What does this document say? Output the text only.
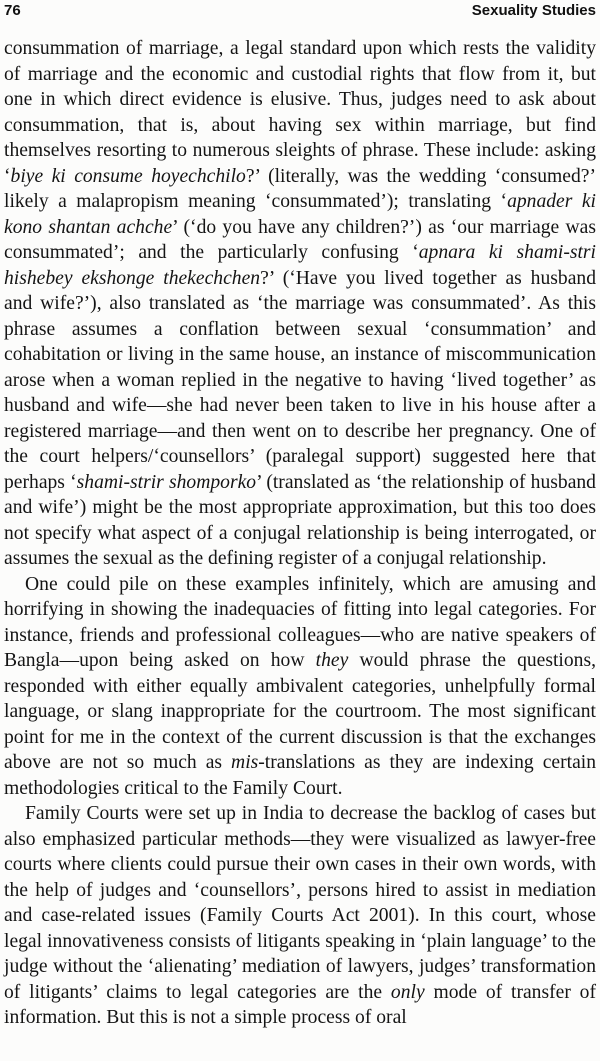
76	Sexuality Studies

consummation of marriage, a legal standard upon which rests the validity of marriage and the economic and custodial rights that flow from it, but one in which direct evidence is elusive. Thus, judges need to ask about consummation, that is, about having sex within marriage, but find themselves resorting to numerous sleights of phrase. These include: asking ‘biye ki consume hoyechchilo?’ (literally, was the wedding ‘consumed?’ likely a malapropism meaning ‘consummated’); translating ‘apnader ki kono shantan achche’ (‘do you have any children?’) as ‘our marriage was consummated’; and the particularly confusing ‘apnara ki shami-stri hishebey ekshonge thekechchen?’ (‘Have you lived together as husband and wife?’), also translated as ‘the marriage was consummated’. As this phrase assumes a conflation between sexual ‘consummation’ and cohabitation or living in the same house, an instance of miscommunication arose when a woman replied in the negative to having ‘lived together’ as husband and wife—she had never been taken to live in his house after a registered marriage—and then went on to describe her pregnancy. One of the court helpers/‘counsellors’ (paralegal support) suggested here that perhaps ‘shami-strir shomporko’ (translated as ‘the relationship of husband and wife’) might be the most appropriate approximation, but this too does not specify what aspect of a conjugal relationship is being interrogated, or assumes the sexual as the defining register of a conjugal relationship.

One could pile on these examples infinitely, which are amusing and horrifying in showing the inadequacies of fitting into legal categories. For instance, friends and professional colleagues—who are native speakers of Bangla—upon being asked on how they would phrase the questions, responded with either equally ambivalent categories, unhelpfully formal language, or slang inappropriate for the courtroom. The most significant point for me in the context of the current discussion is that the exchanges above are not so much as mis-translations as they are indexing certain methodologies critical to the Family Court.

Family Courts were set up in India to decrease the backlog of cases but also emphasized particular methods—they were visualized as lawyer-free courts where clients could pursue their own cases in their own words, with the help of judges and ‘counsellors’, persons hired to assist in mediation and case-related issues (Family Courts Act 2001). In this court, whose legal innovativeness consists of litigants speaking in ‘plain language’ to the judge without the ‘alienating’ mediation of lawyers, judges’ transformation of litigants’ claims to legal categories are the only mode of transfer of information. But this is not a simple process of oral
